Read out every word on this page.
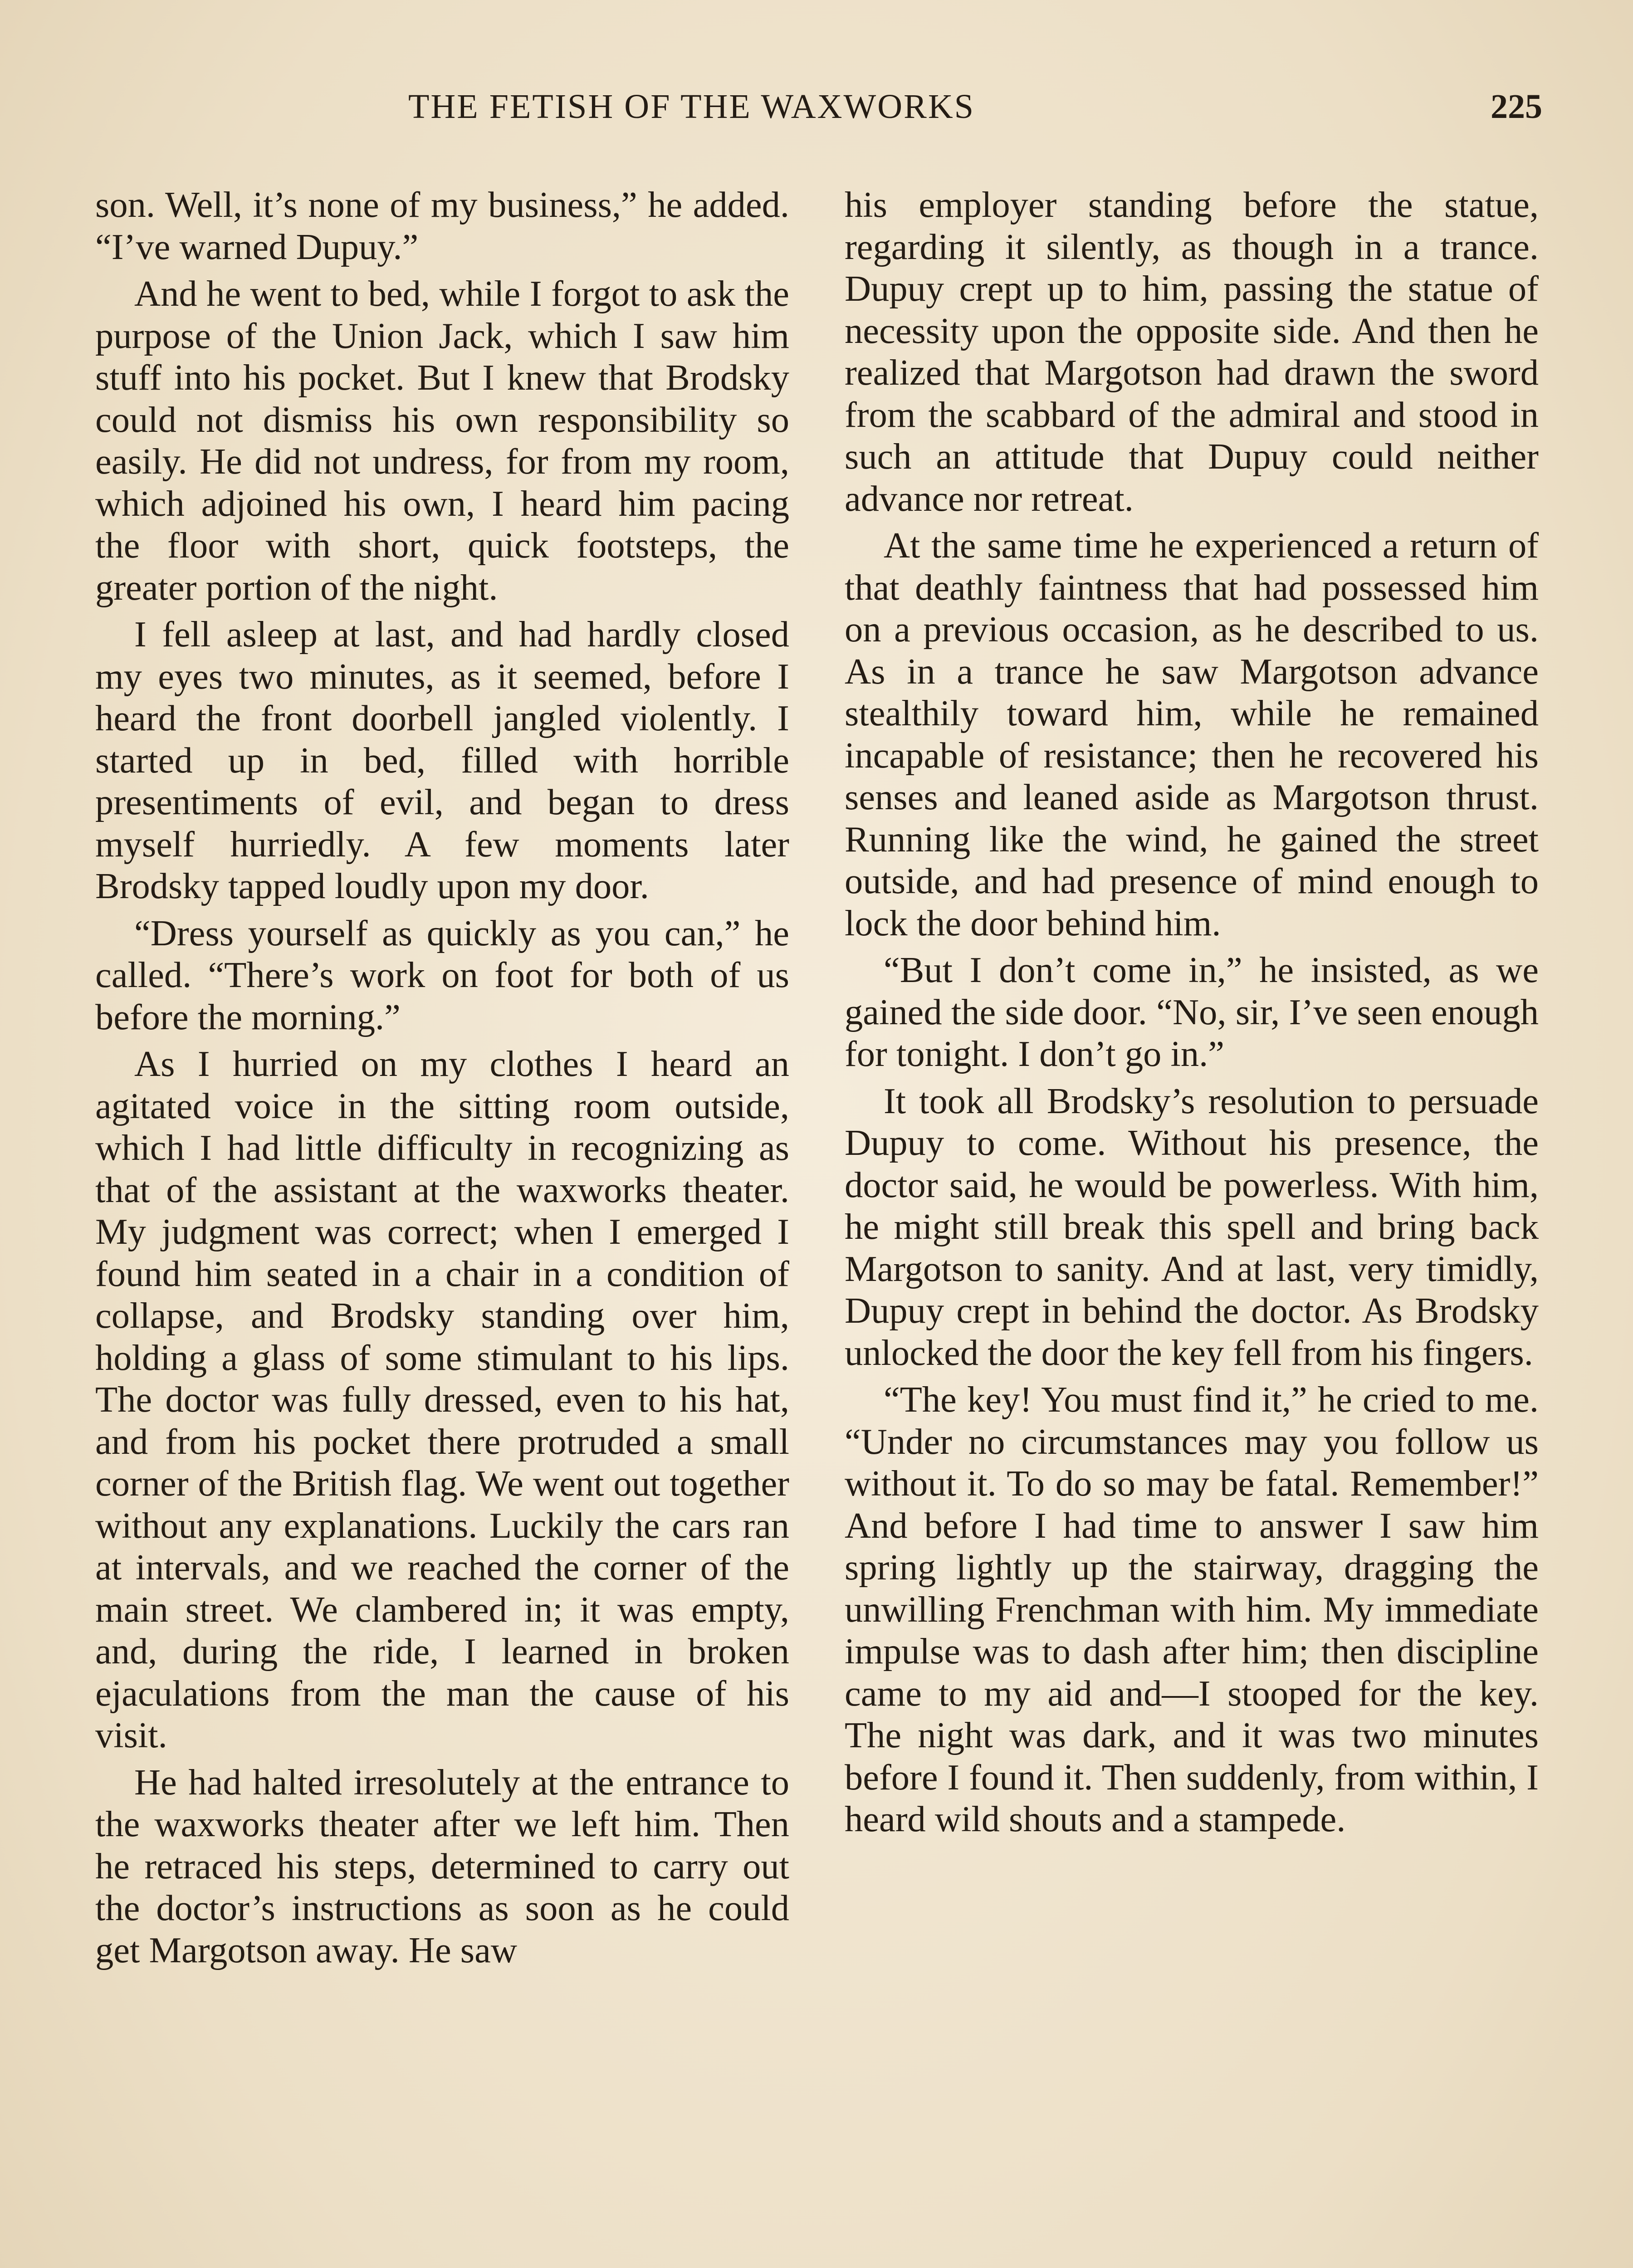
THE FETISH OF THE WAXWORKS	225

son. Well, it’s none of my business,” he added. “I’ve warned Dupuy.”

And he went to bed, while I forgot to ask the purpose of the Union Jack, which I saw him stuff into his pocket. But I knew that Brodsky could not dismiss his own responsibility so easily. He did not undress, for from my room, which adjoined his own, I heard him pacing the floor with short, quick footsteps, the greater portion of the night.

I fell asleep at last, and had hardly closed my eyes two minutes, as it seemed, before I heard the front doorbell jangled violently. I started up in bed, filled with horrible presentiments of evil, and began to dress myself hurriedly. A few moments later Brodsky tapped loudly upon my door.

“Dress yourself as quickly as you can,” he called. “There’s work on foot for both of us before the morning.”

As I hurried on my clothes I heard an agitated voice in the sitting room outside, which I had little difficulty in recognizing as that of the assistant at the waxworks theater. My judgment was correct; when I emerged I found him seated in a chair in a condition of collapse, and Brodsky standing over him, holding a glass of some stimulant to his lips. The doctor was fully dressed, even to his hat, and from his pocket there protruded a small corner of the British flag. We went out together without any explanations. Luckily the cars ran at intervals, and we reached the corner of the main street. We clambered in; it was empty, and, during the ride, I learned in broken ejaculations from the man the cause of his visit.

He had halted irresolutely at the entrance to the waxworks theater after we left him. Then he retraced his steps, determined to carry out the doctor’s instructions as soon as he could get Margotson away. He saw

his employer standing before the statue, regarding it silently, as though in a trance. Dupuy crept up to him, passing the statue of necessity upon the opposite side. And then he realized that Margotson had drawn the sword from the scabbard of the admiral and stood in such an attitude that Dupuy could neither advance nor retreat.

At the same time he experienced a return of that deathly faintness that had possessed him on a previous occasion, as he described to us. As in a trance he saw Margotson advance stealthily toward him, while he remained incapable of resistance; then he recovered his senses and leaned aside as Margotson thrust. Running like the wind, he gained the street outside, and had presence of mind enough to lock the door behind him.

“But I don’t come in,” he insisted, as we gained the side door. “No, sir, I’ve seen enough for tonight. I don’t go in.”

It took all Brodsky’s resolution to persuade Dupuy to come. Without his presence, the doctor said, he would be powerless. With him, he might still break this spell and bring back Margotson to sanity. And at last, very timidly, Dupuy crept in behind the doctor. As Brodsky unlocked the door the key fell from his fingers.

“The key! You must find it,” he cried to me. “Under no circumstances may you follow us without it. To do so may be fatal. Remember!” And before I had time to answer I saw him spring lightly up the stairway, dragging the unwilling Frenchman with him. My immediate impulse was to dash after him; then discipline came to my aid and—I stooped for the key. The night was dark, and it was two minutes before I found it. Then suddenly, from within, I heard wild shouts and a stampede.
